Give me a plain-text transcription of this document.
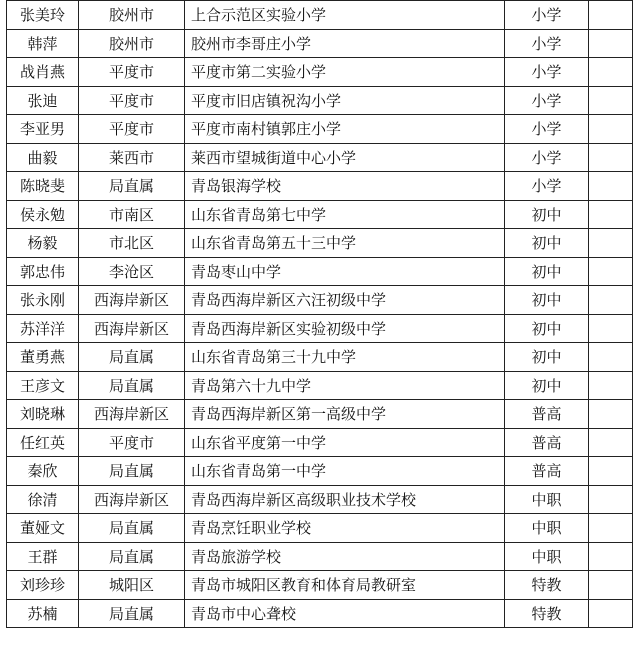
张美玲	胶州市	上合示范区实验小学	小学	
韩萍	胶州市	胶州市李哥庄小学	小学	
战肖燕	平度市	平度市第二实验小学	小学	
张迪	平度市	平度市旧店镇祝沟小学	小学	
李亚男	平度市	平度市南村镇郭庄小学	小学	
曲毅	莱西市	莱西市望城街道中心小学	小学	
陈晓斐	局直属	青岛银海学校	小学	
侯永勉	市南区	山东省青岛第七中学	初中	
杨毅	市北区	山东省青岛第五十三中学	初中	
郭忠伟	李沧区	青岛枣山中学	初中	
张永刚	西海岸新区	青岛西海岸新区六汪初级中学	初中	
苏洋洋	西海岸新区	青岛西海岸新区实验初级中学	初中	
董勇燕	局直属	山东省青岛第三十九中学	初中	
王彦文	局直属	青岛第六十九中学	初中	
刘晓琳	西海岸新区	青岛西海岸新区第一高级中学	普高	
任红英	平度市	山东省平度第一中学	普高	
秦欣	局直属	山东省青岛第一中学	普高	
徐清	西海岸新区	青岛西海岸新区高级职业技术学校	中职	
董娅文	局直属	青岛烹饪职业学校	中职	
王群	局直属	青岛旅游学校	中职	
刘珍珍	城阳区	青岛市城阳区教育和体育局教研室	特教	
苏楠	局直属	青岛市中心聋校	特教	
